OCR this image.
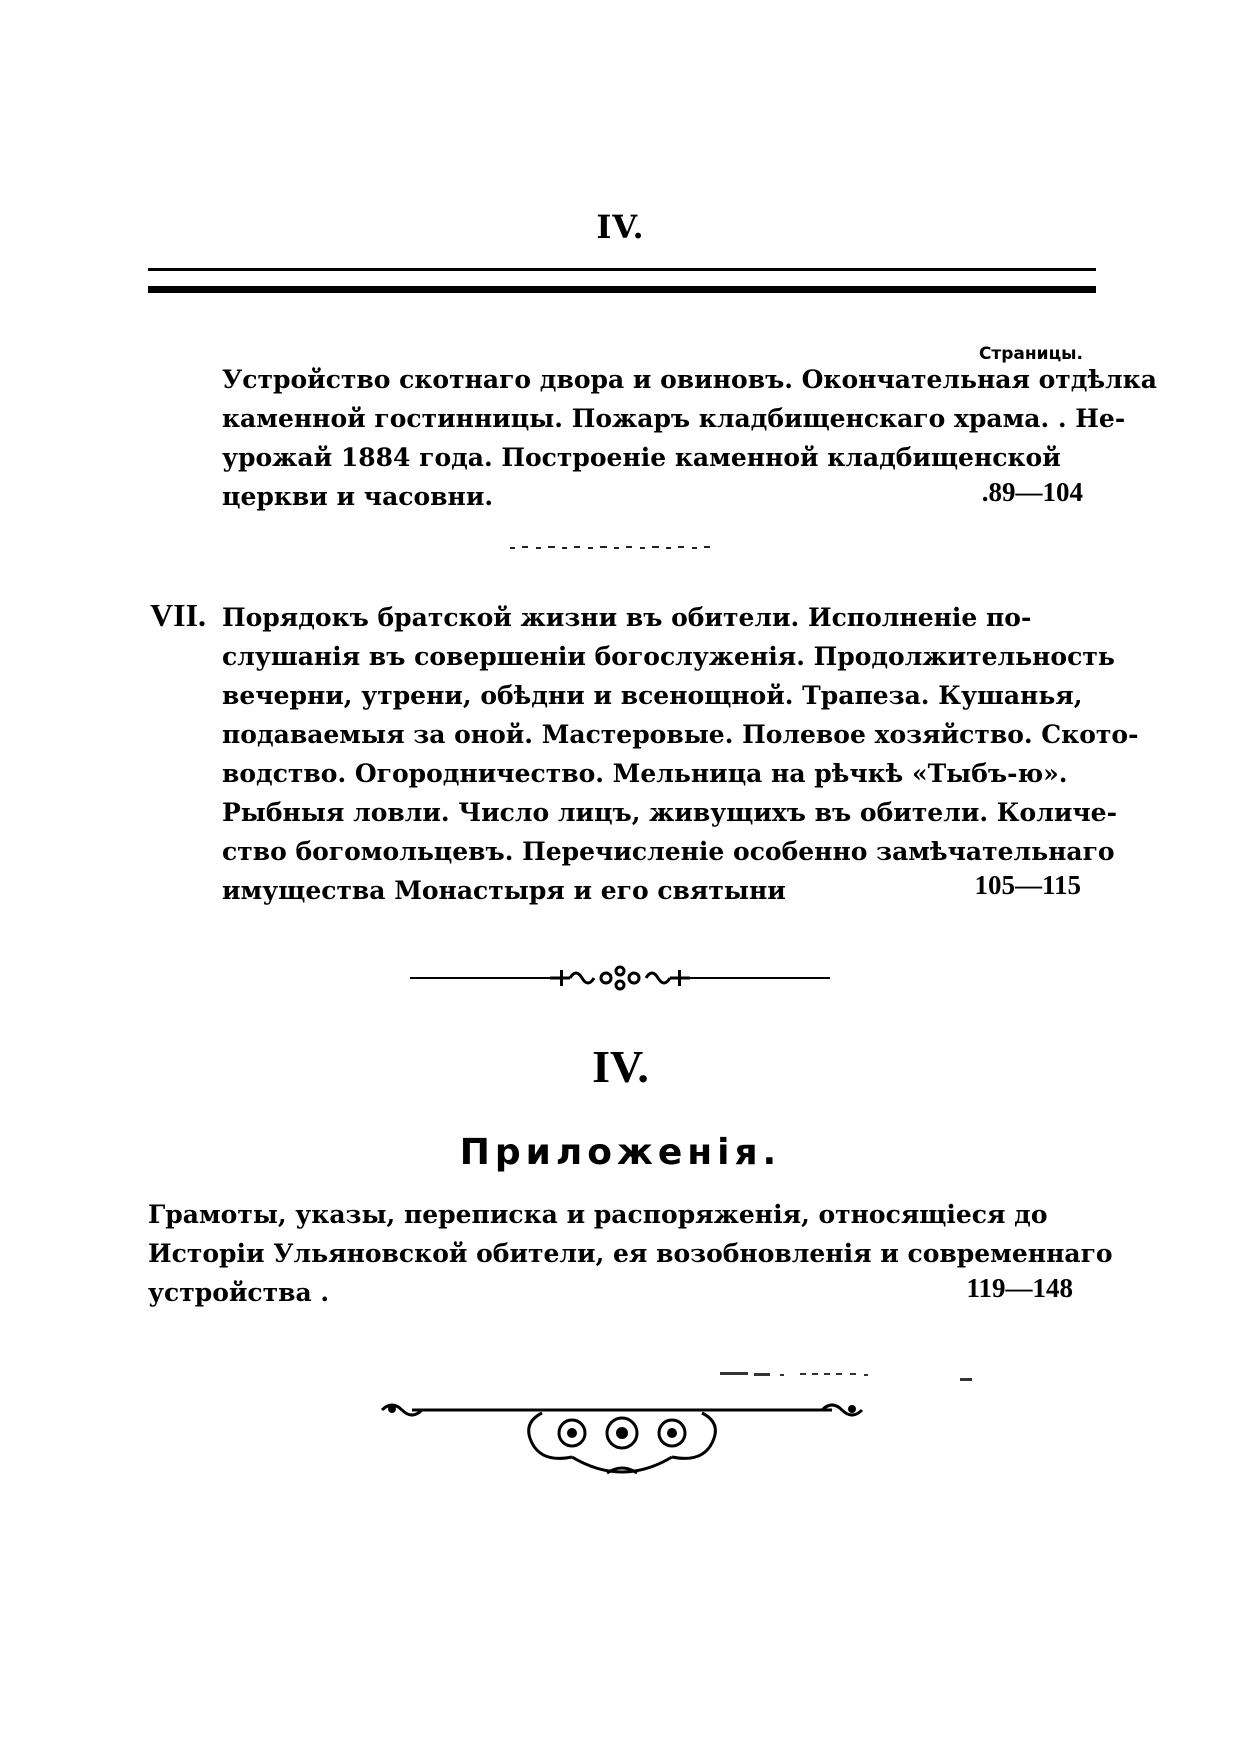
IV.
Страницы.
Устройство скотнаго двора и овиновъ. Окончательная отдѣлка
каменной гостинницы. Пожаръ кладбищенскаго храма. . Не-
урожай 1884 года. Построеніе каменной кладбищенской
церкви и часовни.	.89—104
VII. Порядокъ братской жизни въ обители. Исполненіе по-
слушанія въ совершеніи богослуженія. Продолжительность
вечерни, утрени, обѣдни и всенощной. Трапеза. Кушанья,
подаваемыя за оной. Мастеровые. Полевое хозяйство. Ското-
водство. Огородничество. Мельница на рѣчкѣ «Тыбъ-ю».
Рыбныя ловли. Число лицъ, живущихъ въ обители. Количе-
ство богомольцевъ. Перечисленіе особенно замѣчательнаго
имущества Монастыря и его святыни	105—115
IV.
Приложенія.
Грамоты, указы, переписка и распоряженія, относящіеся до
Исторіи Ульяновской обители, ея возобновленія и современнаго
устройства .	119—148
